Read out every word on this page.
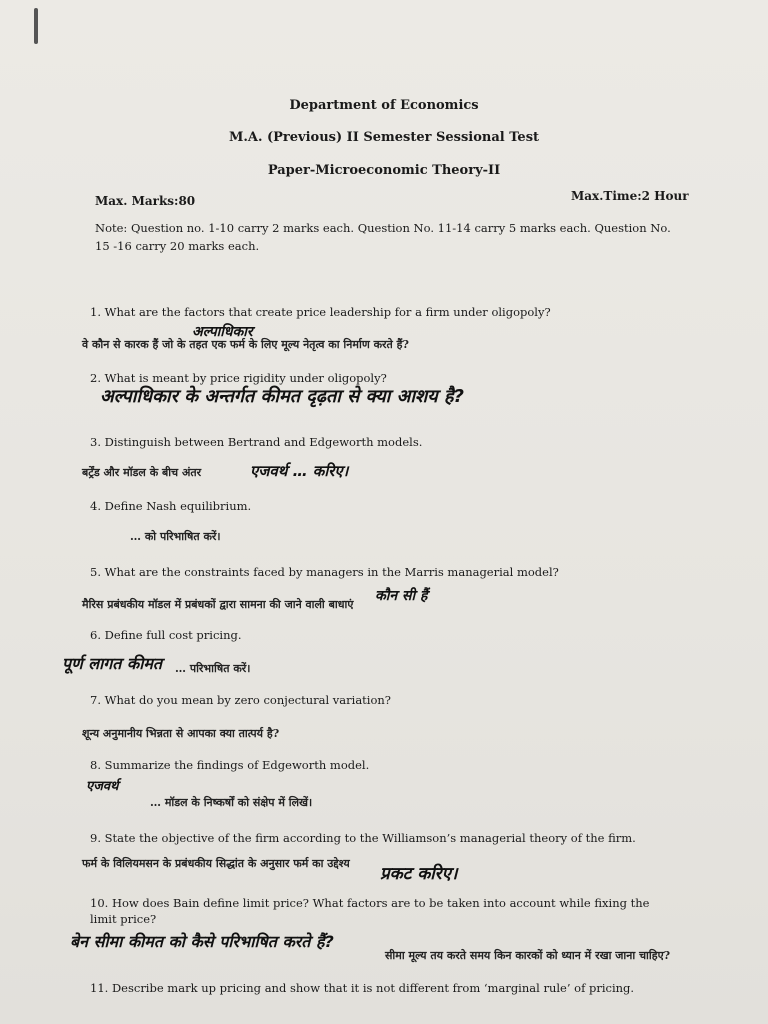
Department of Economics
M.A. (Previous) II Semester Sessional Test
Paper-Microeconomic Theory-II
Max. Marks:80	Max.Time:2 Hour
Note: Question no. 1-10 carry 2 marks each. Question No. 11-14 carry 5 marks each. Question No. 15 -16 carry 20 marks each.
1. What are the factors that create price leadership for a firm under oligopoly?
वे कौन से कारक हैं जो के तहत एक फर्म के लिए मूल्य नेतृत्व का निर्माण करते हैं?
अल्पाधिकार
2. What is meant by price rigidity under oligopoly?
अल्पाधिकार के अन्तर्गत कीमत दृढ़ता से क्या आशय है?
3. Distinguish between Bertrand and Edgeworth models.
बर्ट्रेंड और मॉडल के बीच अंतर	एजवर्थ … करिए।
4. Define Nash equilibrium.
… को परिभाषित करें।
5. What are the constraints faced by managers in the Marris managerial model?
मैरिस प्रबंधकीय मॉडल में प्रबंधकों द्वारा सामना की जाने वाली बाधाएं
कौन सी हैं
6. Define full cost pricing.
… परिभाषित करें।
पूर्ण लागत कीमत
7. What do you mean by zero conjectural variation?
शून्य अनुमानीय भिन्नता से आपका क्या तात्पर्य है?
8. Summarize the findings of Edgeworth model.
… मॉडल के निष्कर्षों को संक्षेप में लिखें।
एजवर्थ
9. State the objective of the firm according to the Williamson’s managerial theory of the firm.
फर्म के विलियमसन के प्रबंधकीय सिद्धांत के अनुसार फर्म का उद्देश्य
प्रकट करिए।
10. How does Bain define limit price? What factors are to be taken into account while fixing the limit price?
बेन सीमा कीमत को कैसे परिभाषित करते हैं?
सीमा मूल्य तय करते समय किन कारकों को ध्यान में रखा जाना चाहिए?
11. Describe mark up pricing and show that it is not different from ‘marginal rule’ of pricing.
